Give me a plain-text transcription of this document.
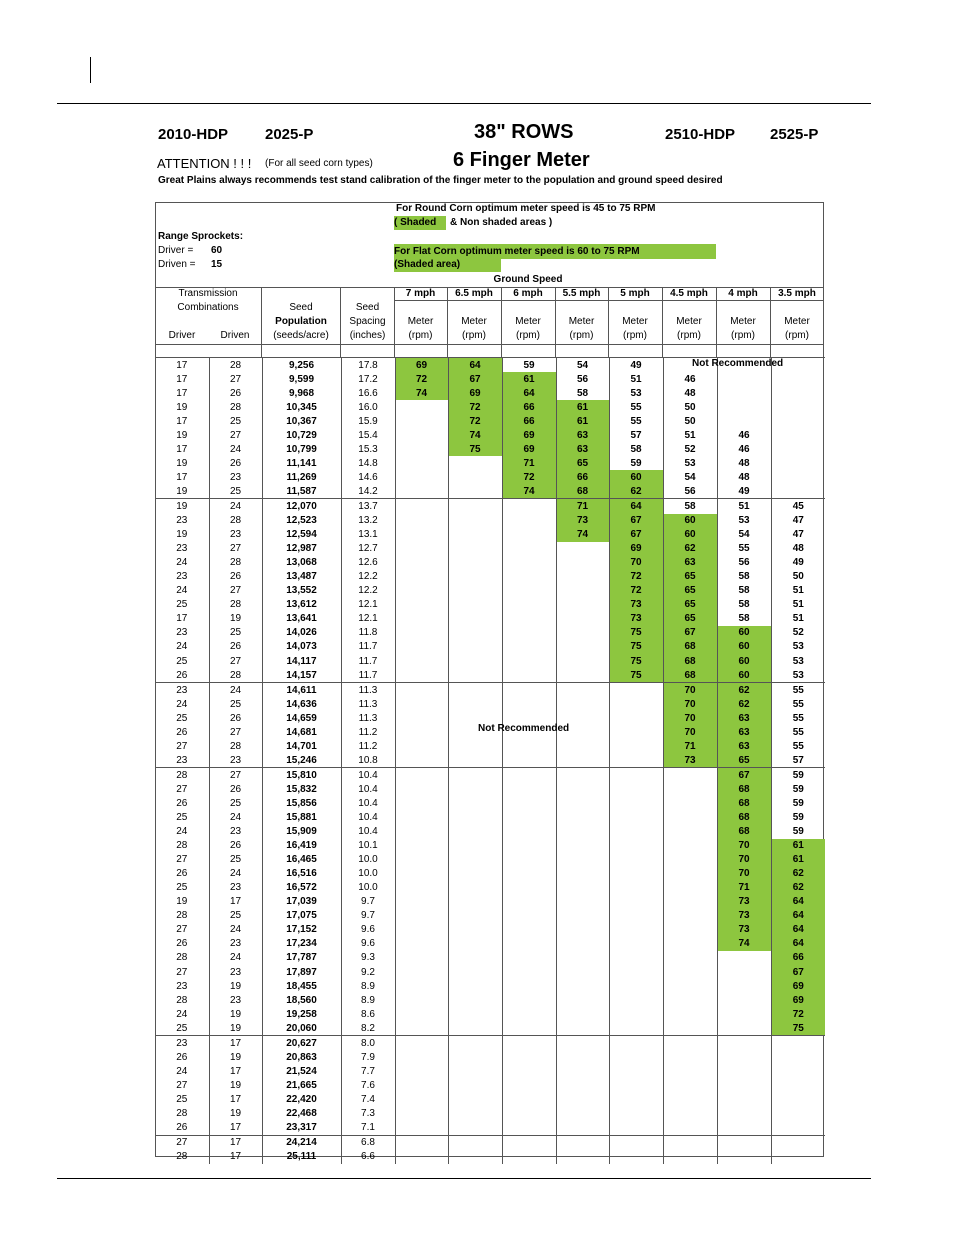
2010-HDP 2025-P	38" ROWS	2510-HDP 2525-P
ATTENTION ! ! ! (For all seed corn types)	6 Finger Meter
Great Plains always recommends test stand calibration of the finger meter to the population and ground speed desired
For Round Corn optimum meter speed is 45 to 75 RPM
( Shaded	& Non shaded areas )
For Flat Corn optimum meter speed is 60 to 75 RPM
(Shaded area)
Range Sprockets:
Driver = 60
Driven = 15
Ground Speed
Transmission
Combinations
Driver	Driven
Seed
Population
(seeds/acre)
Seed
Spacing
(inches)
7 mph
Meter
(rpm)
6.5 mph
Meter
(rpm)
6 mph
Meter
(rpm)
5.5 mph
Meter
(rpm)
5 mph
Meter
(rpm)
4.5 mph
Meter
(rpm)
4 mph
Meter
(rpm)
3.5 mph
Meter
(rpm)
17	28	9,256	17.8	69	64	59	54	49			
17	27	9,599	17.2	72	67	61	56	51	46		
17	26	9,968	16.6	74	69	64	58	53	48		
19	28	10,345	16.0		72	66	61	55	50		
17	25	10,367	15.9		72	66	61	55	50		
19	27	10,729	15.4		74	69	63	57	51	46	
17	24	10,799	15.3		75	69	63	58	52	46	
19	26	11,141	14.8			71	65	59	53	48	
17	23	11,269	14.6			72	66	60	54	48	
19	25	11,587	14.2			74	68	62	56	49	
19	24	12,070	13.7				71	64	58	51	45
23	28	12,523	13.2				73	67	60	53	47
19	23	12,594	13.1				74	67	60	54	47
23	27	12,987	12.7					69	62	55	48
24	28	13,068	12.6					70	63	56	49
23	26	13,487	12.2					72	65	58	50
24	27	13,552	12.2					72	65	58	51
25	28	13,612	12.1					73	65	58	51
17	19	13,641	12.1					73	65	58	51
23	25	14,026	11.8					75	67	60	52
24	26	14,073	11.7					75	68	60	53
25	27	14,117	11.7					75	68	60	53
26	28	14,157	11.7					75	68	60	53
23	24	14,611	11.3						70	62	55
24	25	14,636	11.3						70	62	55
25	26	14,659	11.3						70	63	55
26	27	14,681	11.2						70	63	55
27	28	14,701	11.2						71	63	55
23	23	15,246	10.8						73	65	57
28	27	15,810	10.4							67	59
27	26	15,832	10.4							68	59
26	25	15,856	10.4							68	59
25	24	15,881	10.4							68	59
24	23	15,909	10.4							68	59
28	26	16,419	10.1							70	61
27	25	16,465	10.0							70	61
26	24	16,516	10.0							70	62
25	23	16,572	10.0							71	62
19	17	17,039	9.7							73	64
28	25	17,075	9.7							73	64
27	24	17,152	9.6							73	64
26	23	17,234	9.6							74	64
28	24	17,787	9.3								66
27	23	17,897	9.2								67
23	19	18,455	8.9								69
28	23	18,560	8.9								69
24	19	19,258	8.6								72
25	19	20,060	8.2								75
23	17	20,627	8.0								
26	19	20,863	7.9								
24	17	21,524	7.7								
27	19	21,665	7.6								
25	17	22,420	7.4								
28	19	22,468	7.3								
26	17	23,317	7.1								
27	17	24,214	6.8								
28	17	25,111	6.6								
Not Recommended
Not Recommended
